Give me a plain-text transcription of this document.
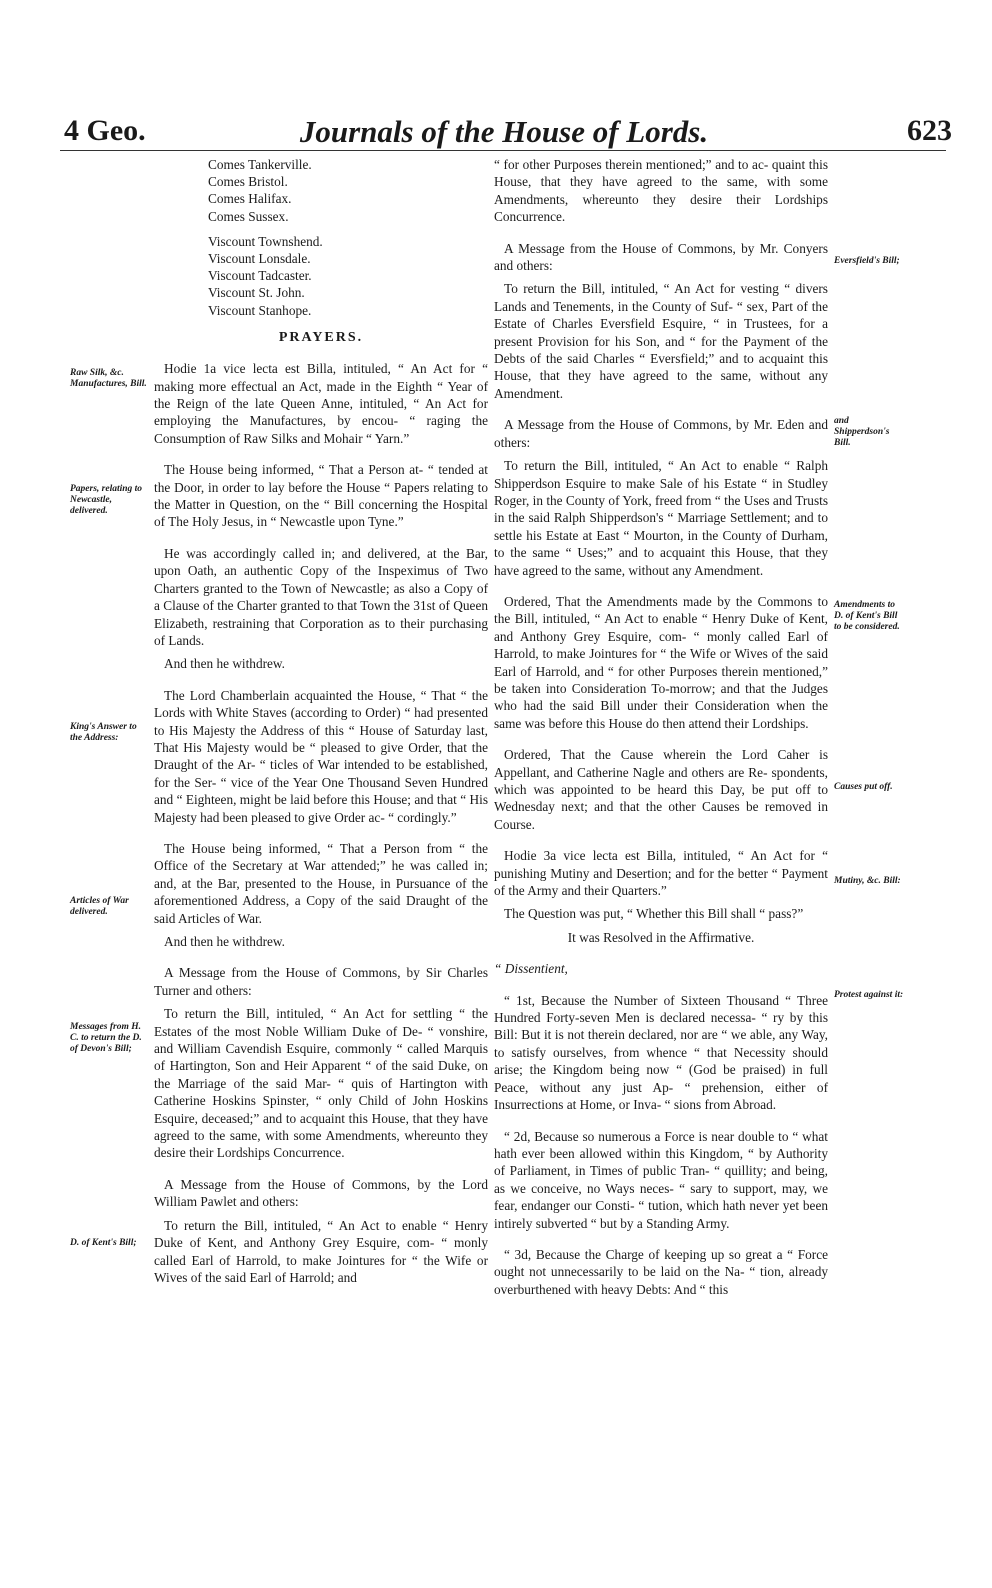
4 Geo.	Journals of the House of Lords.	623
Comes Tankerville.
Comes Bristol.
Comes Halifax.
Comes Sussex.
Viscount Townshend.
Viscount Lonsdale.
Viscount Tadcaster.
Viscount St. John.
Viscount Stanhope.
PRAYERS.

Hodie 1a vice lecta est Billa, intituled, “ An Act for “ making more effectual an Act, made in the Eighth “ Year of the Reign of the late Queen Anne, intituled, “ An Act for employing the Manufactures, by encou- “ raging the Consumption of Raw Silks and Mohair “ Yarn.”

The House being informed, “ That a Person at- “ tended at the Door, in order to lay before the House “ Papers relating to the Matter in Question, on the “ Bill concerning the Hospital of The Holy Jesus, in “ Newcastle upon Tyne.”

He was accordingly called in; and delivered, at the Bar, upon Oath, an authentic Copy of the Inspeximus of Two Charters granted to the Town of Newcastle; as also a Copy of a Clause of the Charter granted to that Town the 31st of Queen Elizabeth, restraining that Corporation as to their purchasing of Lands.

And then he withdrew.

The Lord Chamberlain acquainted the House, “ That “ the Lords with White Staves (according to Order) “ had presented to His Majesty the Address of this “ House of Saturday last, That His Majesty would be “ pleased to give Order, that the Draught of the Ar- “ ticles of War intended to be established, for the Ser- “ vice of the Year One Thousand Seven Hundred and “ Eighteen, might be laid before this House; and that “ His Majesty had been pleased to give Order ac- “ cordingly.”

The House being informed, “ That a Person from “ the Office of the Secretary at War attended;” he was called in; and, at the Bar, presented to the House, in Pursuance of the aforementioned Address, a Copy of the said Draught of the said Articles of War.

And then he withdrew.

A Message from the House of Commons, by Sir Charles Turner and others:

To return the Bill, intituled, “ An Act for settling “ the Estates of the most Noble William Duke of De- “ vonshire, and William Cavendish Esquire, commonly “ called Marquis of Hartington, Son and Heir Apparent “ of the said Duke, on the Marriage of the said Mar- “ quis of Hartington with Catherine Hoskins Spinster, “ only Child of John Hoskins Esquire, deceased;” and to acquaint this House, that they have agreed to the same, with some Amendments, whereunto they desire their Lordships Concurrence.

A Message from the House of Commons, by the Lord William Pawlet and others:

To return the Bill, intituled, “ An Act to enable “ Henry Duke of Kent, and Anthony Grey Esquire, com- “ monly called Earl of Harrold, to make Jointures for “ the Wife or Wives of the said Earl of Harrold; and

“ for other Purposes therein mentioned;” and to ac- quaint this House, that they have agreed to the same, with some Amendments, whereunto they desire their Lordships Concurrence.

A Message from the House of Commons, by Mr. Conyers and others:

To return the Bill, intituled, “ An Act for vesting “ divers Lands and Tenements, in the County of Suf- “ sex, Part of the Estate of Charles Eversfield Esquire, “ in Trustees, for a present Provision for his Son, and “ for the Payment of the Debts of the said Charles “ Eversfield;” and to acquaint this House, that they have agreed to the same, without any Amendment.

A Message from the House of Commons, by Mr. Eden and others:

To return the Bill, intituled, “ An Act to enable “ Ralph Shipperdson Esquire to make Sale of his Estate “ in Studley Roger, in the County of York, freed from “ the Uses and Trusts in the said Ralph Shipperdson's “ Marriage Settlement; and to settle his Estate at East “ Mourton, in the County of Durham, to the same “ Uses;” and to acquaint this House, that they have agreed to the same, without any Amendment.

Ordered, That the Amendments made by the Commons to the Bill, intituled, “ An Act to enable “ Henry Duke of Kent, and Anthony Grey Esquire, com- “ monly called Earl of Harrold, to make Jointures for “ the Wife or Wives of the said Earl of Harrold, and “ for other Purposes therein mentioned,” be taken into Consideration To-morrow; and that the Judges who had the said Bill under their Consideration when the same was before this House do then attend their Lordships.

Ordered, That the Cause wherein the Lord Caher is Appellant, and Catherine Nagle and others are Re- spondents, which was appointed to be heard this Day, be put off to Wednesday next; and that the other Causes be removed in Course.

Hodie 3a vice lecta est Billa, intituled, “ An Act for “ punishing Mutiny and Desertion; and for the better “ Payment of the Army and their Quarters.”

The Question was put, “ Whether this Bill shall “ pass?”

It was Resolved in the Affirmative.

“ Dissentient,

“ 1st, Because the Number of Sixteen Thousand “ Three Hundred Forty-seven Men is declared necessa- “ ry by this Bill: But it is not therein declared, nor are “ we able, any Way, to satisfy ourselves, from whence “ that Necessity should arise; the Kingdom being now “ (God be praised) in full Peace, without any just Ap- “ prehension, either of Insurrections at Home, or Inva- “ sions from Abroad.

“ 2d, Because so numerous a Force is near double to “ what hath ever been allowed within this Kingdom, “ by Authority of Parliament, in Times of public Tran- “ quillity; and being, as we conceive, no Ways neces- “ sary to support, may, we fear, endanger our Consti- “ tution, which hath never yet been intirely subverted “ but by a Standing Army.

“ 3d, Because the Charge of keeping up so great a “ Force ought not unnecessarily to be laid on the Na- “ tion, already overburthened with heavy Debts: And “ this

Raw Silk, &c. Manufactures, Bill.
Papers, relating to Newcastle, delivered.
King's Answer to the Address:
Articles of War delivered.
Messages from H. C. to return the D. of Devon's Bill;
D. of Kent's Bill;
Eversfield's Bill;
and Shipperdson's Bill.
Amendments to D. of Kent's Bill to be considered.
Causes put off.
Mutiny, &c. Bill:
Protest against it:
